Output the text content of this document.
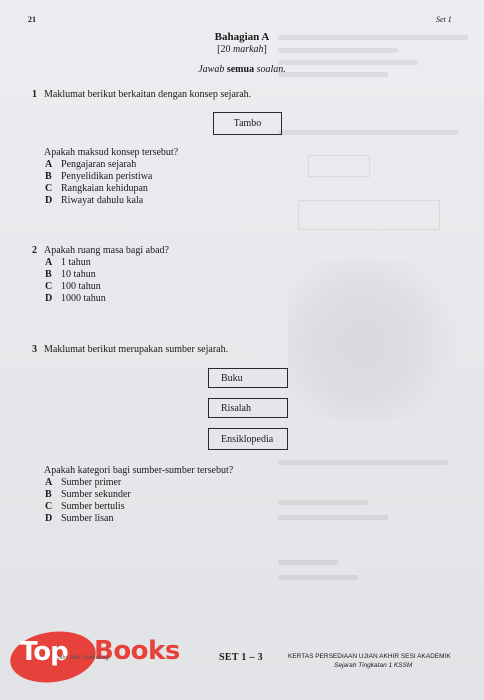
21	Set 1
Bahagian A
[20 markah]
Jawab semua soalan.
1 Maklumat berikut berkaitan dengan konsep sejarah.
Tambo
Apakah maksud konsep tersebut?
A Pengajaran sejarah
B Penyelidikan peristiwa
C Rangkaian kehidupan
D Riwayat dahulu kala
2 Apakah ruang masa bagi abad?
A 1 tahun
B 10 tahun
C 100 tahun
D 1000 tahun
3 Maklumat berikut merupakan sumber sejarah.
Buku
Risalah
Ensiklopedia
Apakah kategori bagi sumber-sumber tersebut?
A Sumber primer
B Sumber sekunder
C Sumber bertulis
D Sumber lisan
Top Books
Sdn. Bhd. Publishing	SET 1 – 3	KERTAS PERSEDIAAN UJIAN AKHIR SESI AKADEMIK
Sejarah Tingkatan 1 KSSM
